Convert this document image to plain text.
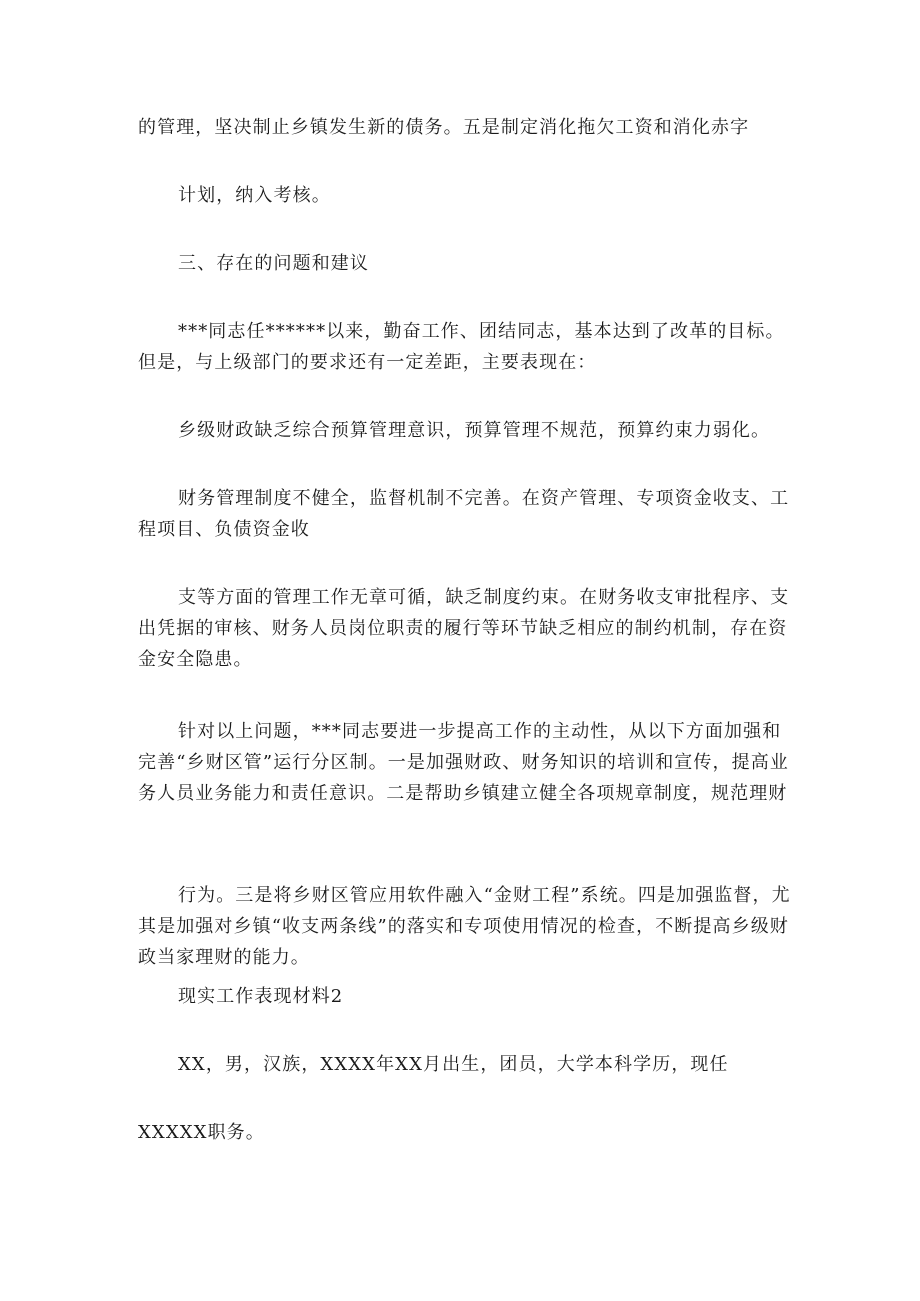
的管理，坚决制止乡镇发生新的债务。五是制定消化拖欠工资和消化赤字

计划，纳入考核。

三、存在的问题和建议

***同志任******以来，勤奋工作、团结同志，基本达到了改革的目标。但是，与上级部门的要求还有一定差距，主要表现在：

乡级财政缺乏综合预算管理意识，预算管理不规范，预算约束力弱化。

财务管理制度不健全，监督机制不完善。在资产管理、专项资金收支、工程项目、负债资金收

支等方面的管理工作无章可循，缺乏制度约束。在财务收支审批程序、支出凭据的审核、财务人员岗位职责的履行等环节缺乏相应的制约机制，存在资金安全隐患。

针对以上问题，***同志要进一步提高工作的主动性，从以下方面加强和完善“乡财区管”运行分区制。一是加强财政、财务知识的培训和宣传，提高业务人员业务能力和责任意识。二是帮助乡镇建立健全各项规章制度，规范理财

行为。三是将乡财区管应用软件融入“金财工程”系统。四是加强监督，尤其是加强对乡镇“收支两条线”的落实和专项使用情况的检查，不断提高乡级财政当家理财的能力。

现实工作表现材料2

XX，男，汉族，XXXX年XX月出生，团员，大学本科学历，现任

XXXXX职务。
